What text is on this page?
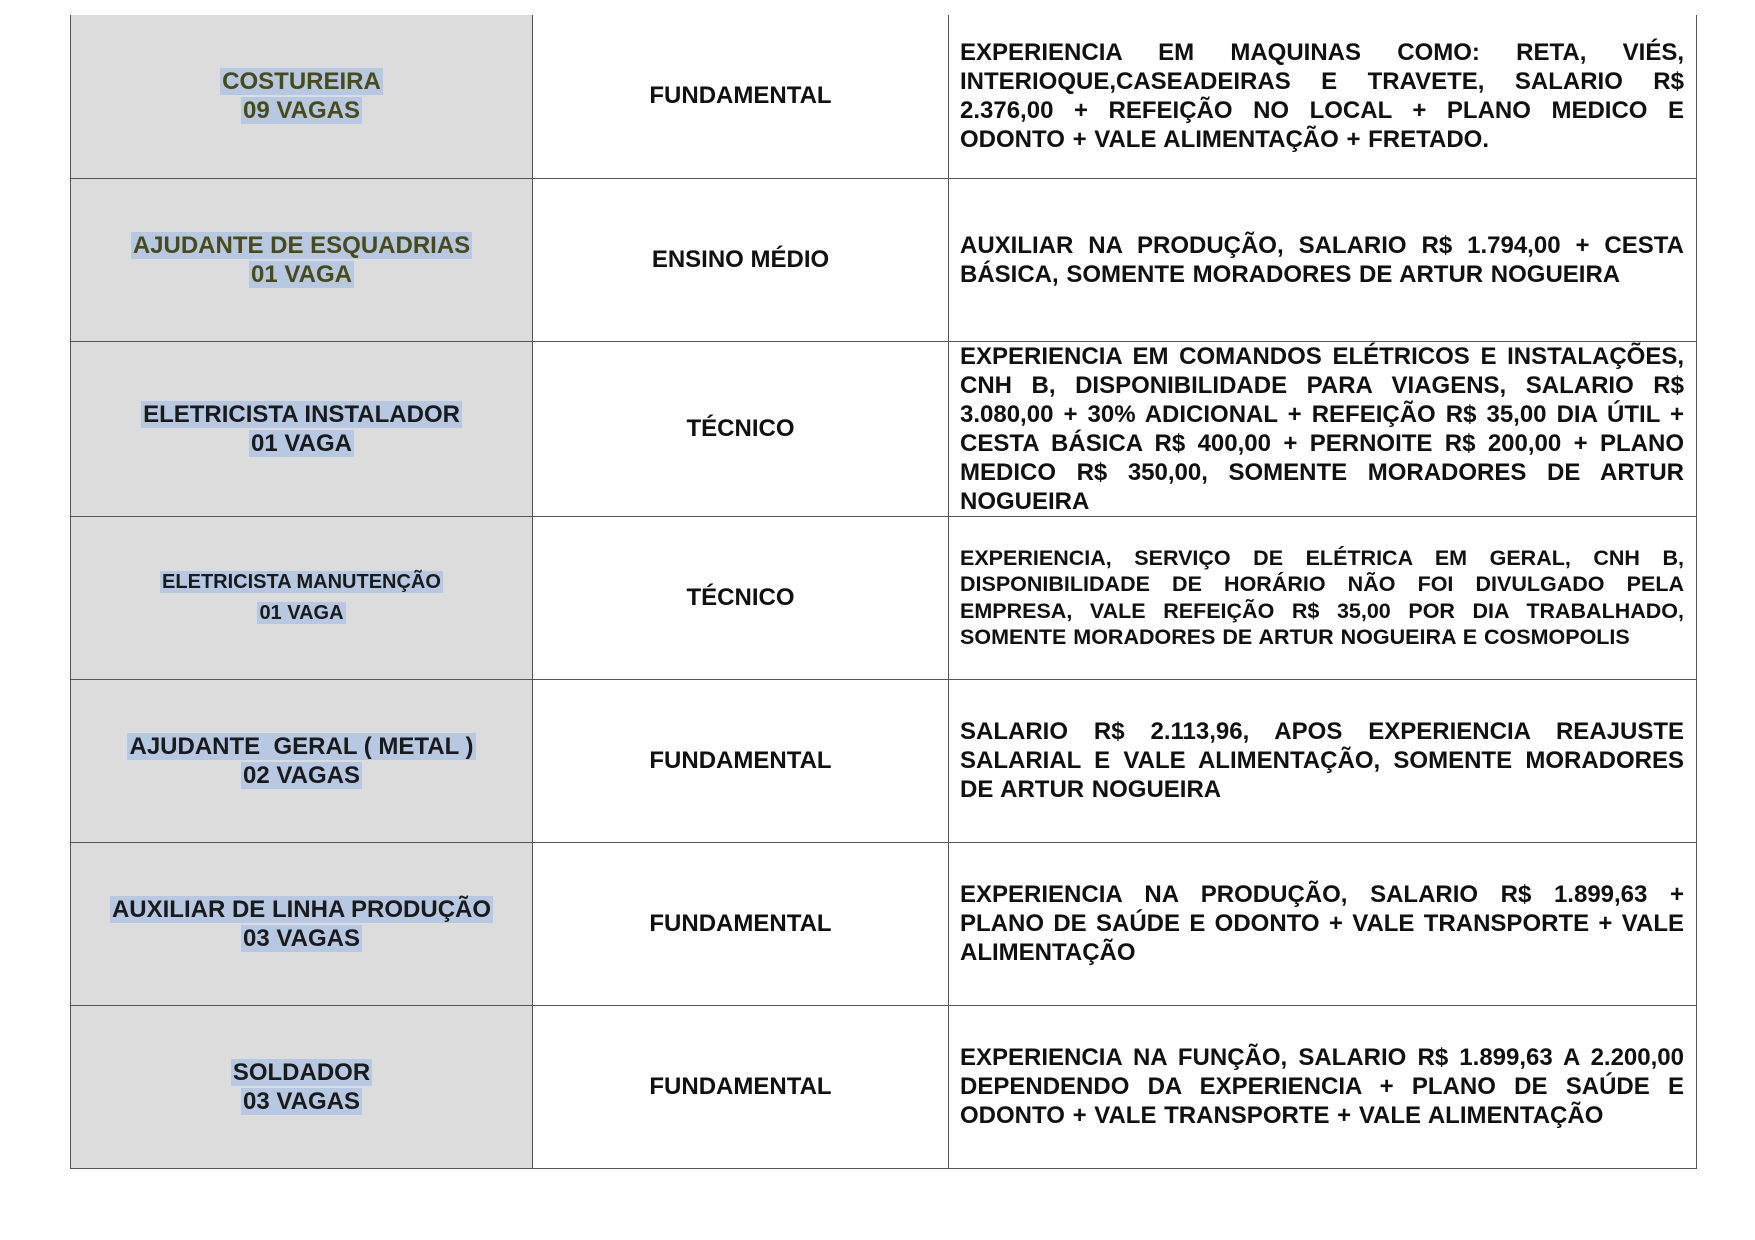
COSTUREIRA
09 VAGAS	FUNDAMENTAL	EXPERIENCIA EM MAQUINAS COMO: RETA, VIÉS, INTERIOQUE,CASEADEIRAS E TRAVETE, SALARIO R$ 2.376,00 + REFEIÇÃO NO LOCAL + PLANO MEDICO E ODONTO + VALE ALIMENTAÇÃO + FRETADO.

AJUDANTE DE ESQUADRIAS
01 VAGA	ENSINO MÉDIO	AUXILIAR NA PRODUÇÃO, SALARIO R$ 1.794,00 + CESTA BÁSICA, SOMENTE MORADORES DE ARTUR NOGUEIRA

ELETRICISTA INSTALADOR
01 VAGA	TÉCNICO	EXPERIENCIA EM COMANDOS ELÉTRICOS E INSTALAÇÕES, CNH B, DISPONIBILIDADE PARA VIAGENS, SALARIO R$ 3.080,00 + 30% ADICIONAL + REFEIÇÃO R$ 35,00 DIA ÚTIL + CESTA BÁSICA R$ 400,00 + PERNOITE R$ 200,00 + PLANO MEDICO R$ 350,00, SOMENTE MORADORES DE ARTUR NOGUEIRA

ELETRICISTA MANUTENÇÃO
01 VAGA	TÉCNICO	EXPERIENCIA, SERVIÇO DE ELÉTRICA EM GERAL, CNH B, DISPONIBILIDADE DE HORÁRIO NÃO FOI DIVULGADO PELA EMPRESA, VALE REFEIÇÃO R$ 35,00 POR DIA TRABALHADO, SOMENTE MORADORES DE ARTUR NOGUEIRA E COSMOPOLIS

AJUDANTE  GERAL ( METAL )
02 VAGAS	FUNDAMENTAL	SALARIO R$ 2.113,96, APOS EXPERIENCIA REAJUSTE SALARIAL E VALE ALIMENTAÇÃO, SOMENTE MORADORES DE ARTUR NOGUEIRA

AUXILIAR DE LINHA PRODUÇÃO
03 VAGAS	FUNDAMENTAL	EXPERIENCIA NA PRODUÇÃO, SALARIO R$ 1.899,63 + PLANO DE SAÚDE E ODONTO + VALE TRANSPORTE + VALE ALIMENTAÇÃO

SOLDADOR
03 VAGAS	FUNDAMENTAL	EXPERIENCIA NA FUNÇÃO, SALARIO R$ 1.899,63 A 2.200,00 DEPENDENDO DA EXPERIENCIA + PLANO DE SAÚDE E ODONTO + VALE TRANSPORTE + VALE ALIMENTAÇÃO
